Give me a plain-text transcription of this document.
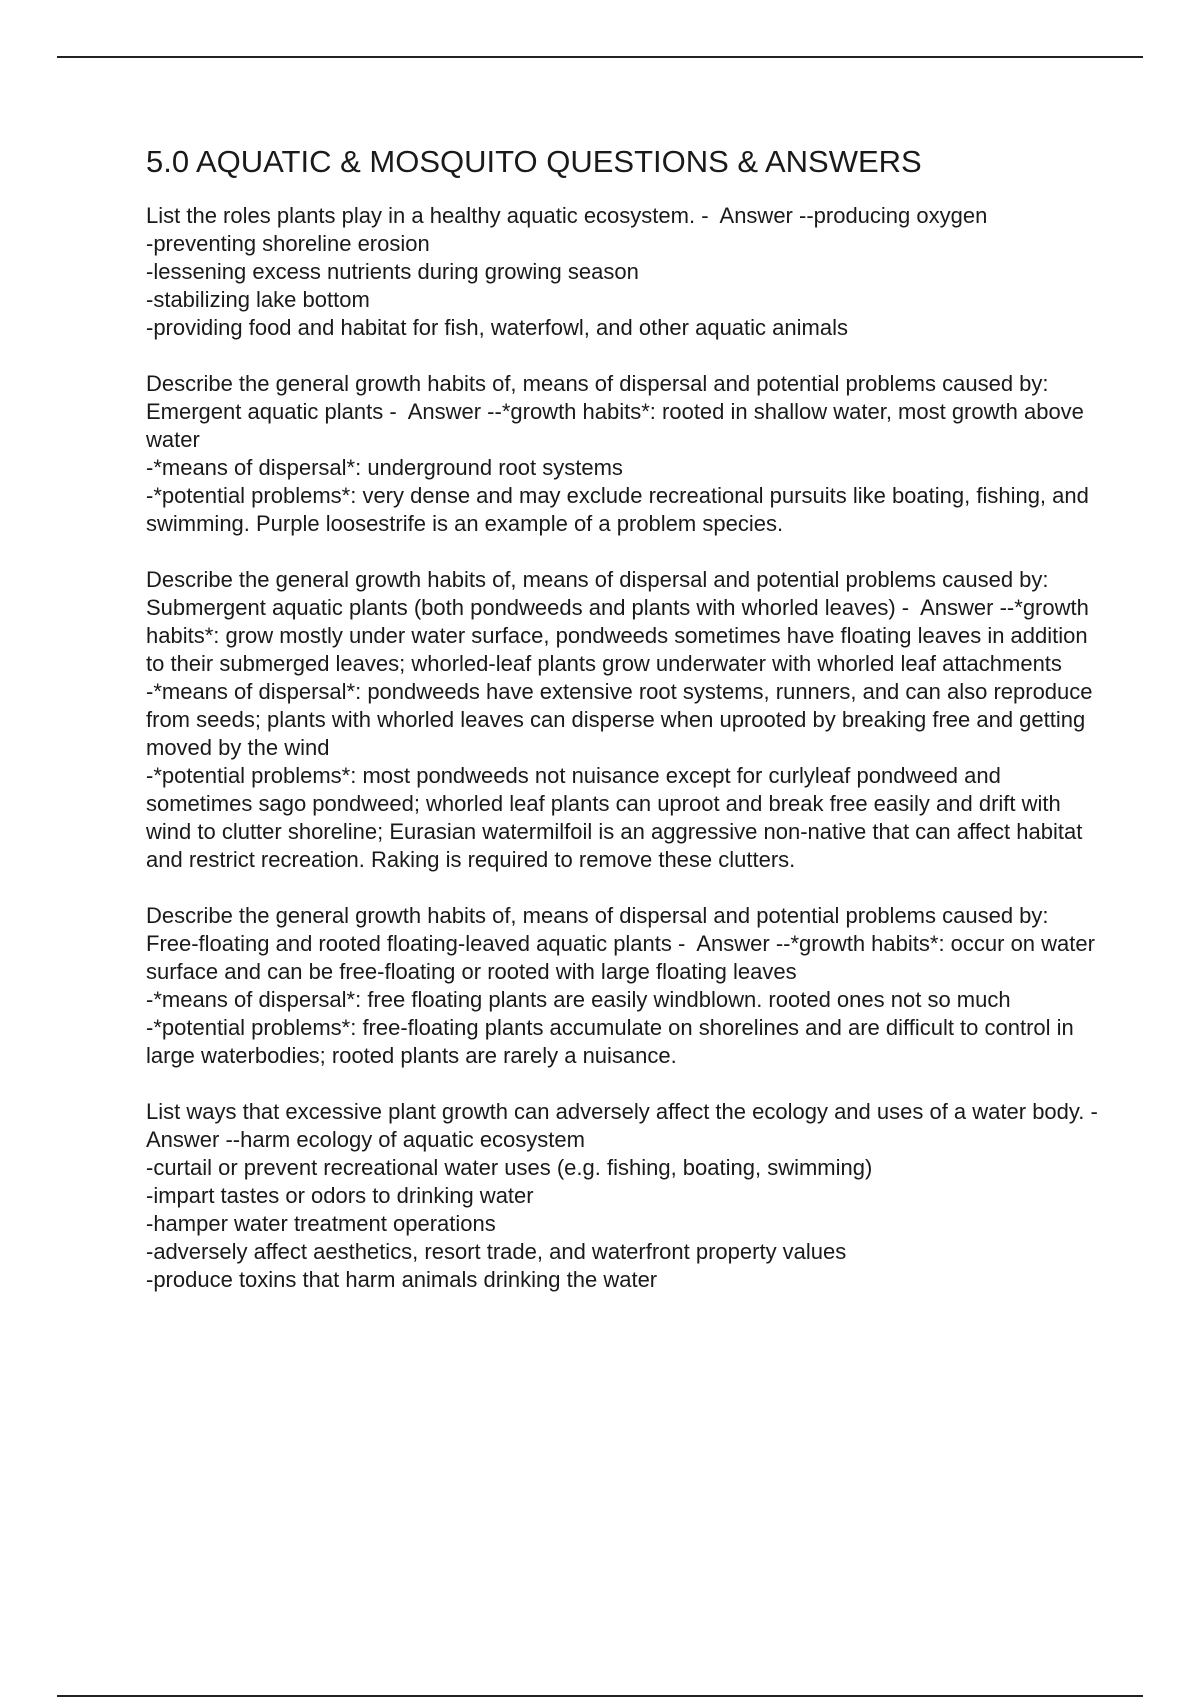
5.0 AQUATIC & MOSQUITO QUESTIONS & ANSWERS

List the roles plants play in a healthy aquatic ecosystem. -  Answer --producing oxygen

-preventing shoreline erosion

-lessening excess nutrients during growing season

-stabilizing lake bottom

-providing food and habitat for fish, waterfowl, and other aquatic animals

Describe the general growth habits of, means of dispersal and potential problems caused by: Emergent aquatic plants -  Answer --*growth habits*: rooted in shallow water, most growth above water

-*means of dispersal*: underground root systems

-*potential problems*: very dense and may exclude recreational pursuits like boating, fishing, and swimming. Purple loosestrife is an example of a problem species.

Describe the general growth habits of, means of dispersal and potential problems caused by: Submergent aquatic plants (both pondweeds and plants with whorled leaves) -  Answer --*growth habits*: grow mostly under water surface, pondweeds sometimes have floating leaves in addition to their submerged leaves; whorled-leaf plants grow underwater with whorled leaf attachments

-*means of dispersal*: pondweeds have extensive root systems, runners, and can also reproduce from seeds; plants with whorled leaves can disperse when uprooted by breaking free and getting moved by the wind

-*potential problems*: most pondweeds not nuisance except for curlyleaf pondweed and sometimes sago pondweed; whorled leaf plants can uproot and break free easily and drift with wind to clutter shoreline; Eurasian watermilfoil is an aggressive non-native that can affect habitat and restrict recreation. Raking is required to remove these clutters.

Describe the general growth habits of, means of dispersal and potential problems caused by: Free-floating and rooted floating-leaved aquatic plants -  Answer --*growth habits*: occur on water surface and can be free-floating or rooted with large floating leaves

-*means of dispersal*: free floating plants are easily windblown. rooted ones not so much

-*potential problems*: free-floating plants accumulate on shorelines and are difficult to control in large waterbodies; rooted plants are rarely a nuisance.

List ways that excessive plant growth can adversely affect the ecology and uses of a water body. -  Answer --harm ecology of aquatic ecosystem

-curtail or prevent recreational water uses (e.g. fishing, boating, swimming)

-impart tastes or odors to drinking water

-hamper water treatment operations

-adversely affect aesthetics, resort trade, and waterfront property values

-produce toxins that harm animals drinking the water
